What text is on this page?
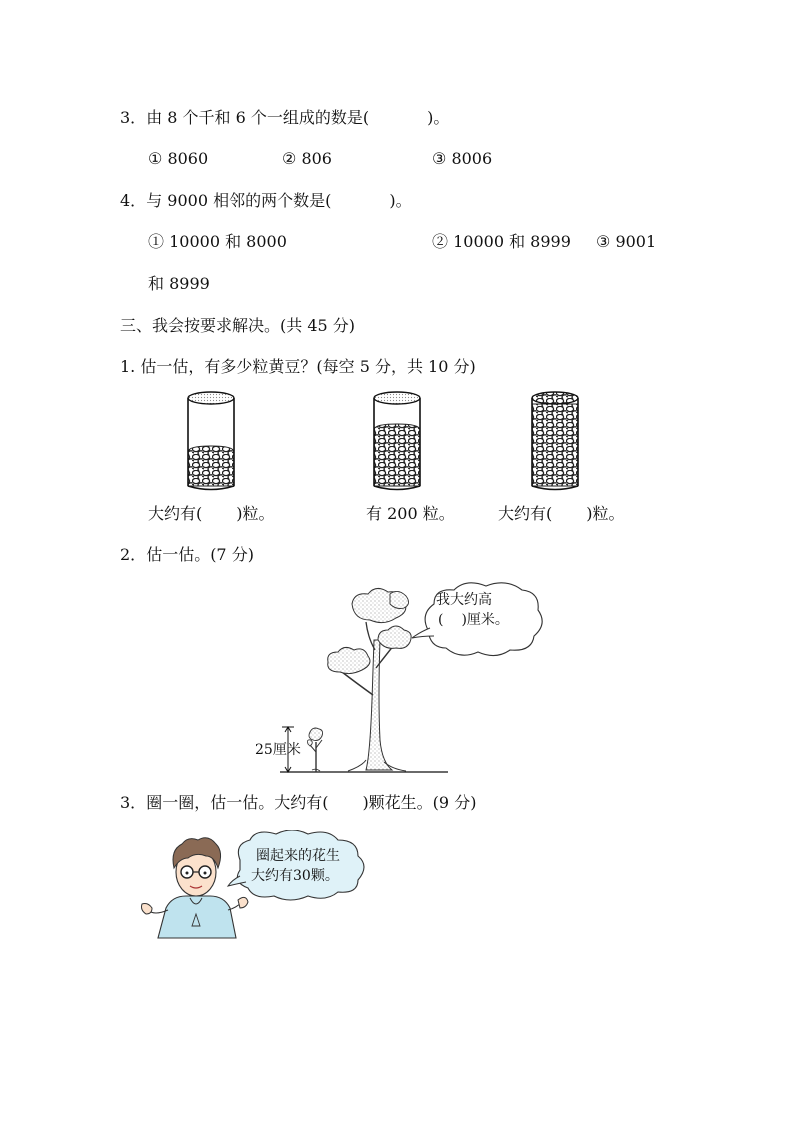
3．由 8 个千和 6 个一组成的数是(	)。
① 8060	② 806	③ 8006
4．与 9000 相邻的两个数是(	)。
① 10000 和 8000	② 10000 和 8999 ③ 9001
和 8999
三、我会按要求解决。(共 45 分)
1. 估一估，有多少粒黄豆？(每空 5 分，共 10 分)
大约有( )粒。	有 200 粒。	大约有( )粒。
2．估一估。(7 分)
我大约高
( )厘米。
25厘米
3．圈一圈，估一估。大约有( )颗花生。(9 分)
圈起来的花生
大约有30颗。
